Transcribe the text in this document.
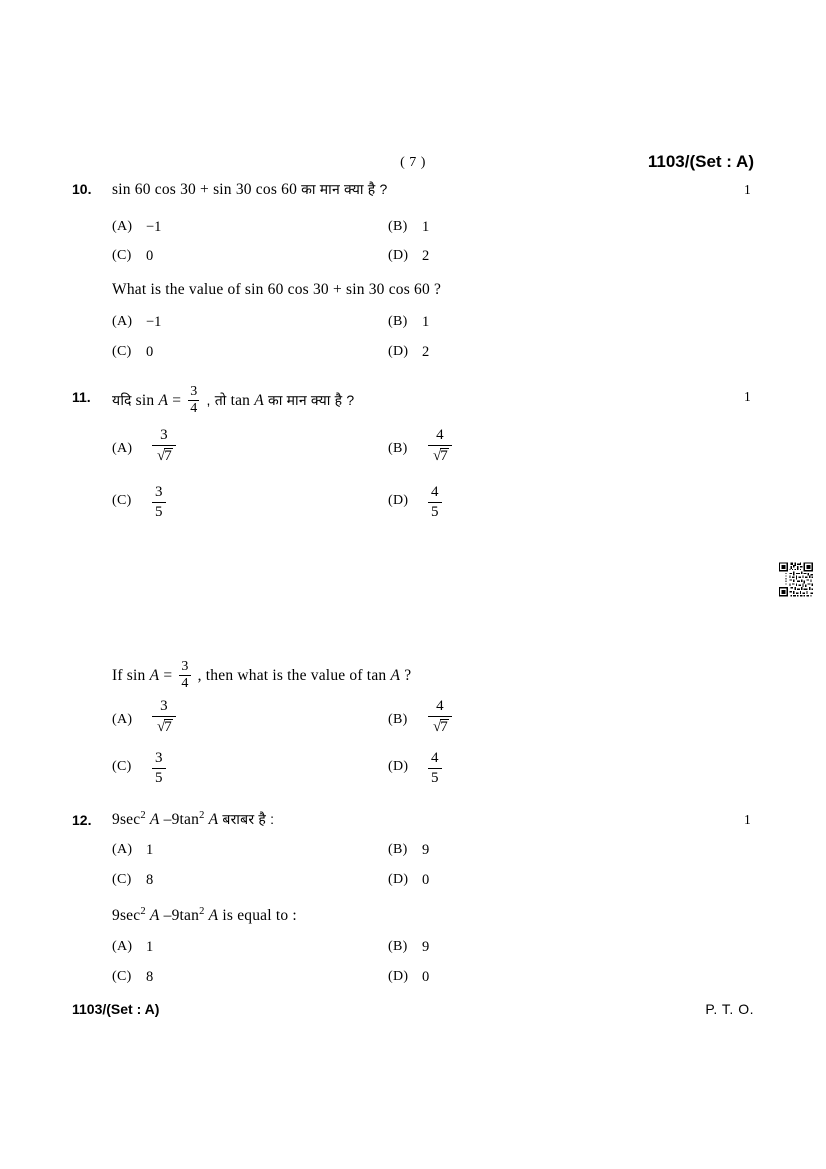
( 7 )	1103/(Set : A)
10. sin 60 cos 30 + sin 30 cos 60 का मान क्या है ?	1
(A) −1	(B) 1
(C) 0	(D) 2
What is the value of sin 60 cos 30 + sin 30 cos 60 ?
(A) −1	(B) 1
(C) 0	(D) 2
11. यदि $\sin A = \frac{3}{4}$ , तो tan A का मान क्या है ?	1
$(A) \frac{3}{√7}$	$(B) \frac{4}{√7}$
$(C) \frac{3}{5}$	$(D) \frac{4}{5}$
If $\sin A = \frac{3}{4}$ , then what is the value of tan A ?
$(A) \frac{3}{√7}$	$(B) \frac{4}{√7}$
$(C) \frac{3}{5}$	$(D) \frac{4}{5}$
12. $9\sec^2$ A $-9\tan^2$ A बराबर है :	1
(A) 1	(B) 9
(C) 8	(D) 0
$9\sec^2$ A $-9\tan^2$ A is equal to :
(A) 1	(B) 9
(C) 8	(D) 0
1103/(Set : A)	P. T. O.
